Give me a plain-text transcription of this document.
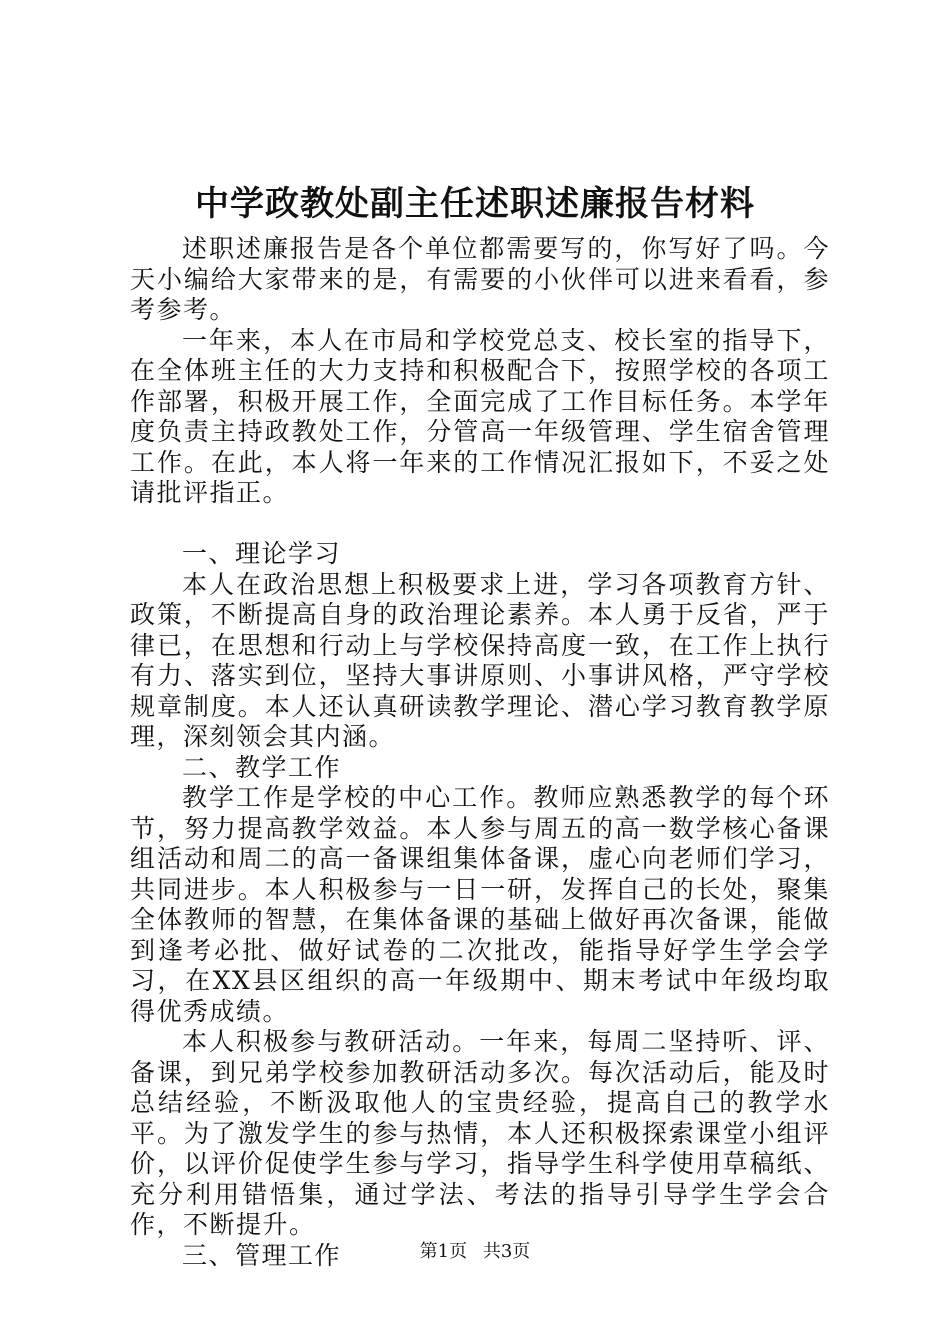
中学政教处副主任述职述廉报告材料

述职述廉报告是各个单位都需要写的，你写好了吗。今天小编给大家带来的是，有需要的小伙伴可以进来看看，参考参考。

一年来，本人在市局和学校党总支、校长室的指导下，在全体班主任的大力支持和积极配合下，按照学校的各项工作部署，积极开展工作，全面完成了工作目标任务。本学年度负责主持政教处工作，分管高一年级管理、学生宿舍管理工作。在此，本人将一年来的工作情况汇报如下，不妥之处请批评指正。

一、理论学习

本人在政治思想上积极要求上进，学习各项教育方针、政策，不断提高自身的政治理论素养。本人勇于反省，严于律已，在思想和行动上与学校保持高度一致，在工作上执行有力、落实到位，坚持大事讲原则、小事讲风格，严守学校规章制度。本人还认真研读教学理论、潜心学习教育教学原理，深刻领会其内涵。

二、教学工作

教学工作是学校的中心工作。教师应熟悉教学的每个环节，努力提高教学效益。本人参与周五的高一数学核心备课组活动和周二的高一备课组集体备课，虚心向老师们学习，共同进步。本人积极参与一日一研，发挥自己的长处，聚集全体教师的智慧，在集体备课的基础上做好再次备课，能做到逢考必批、做好试卷的二次批改，能指导好学生学会学习，在XX县区组织的高一年级期中、期末考试中年级均取得优秀成绩。

本人积极参与教研活动。一年来，每周二坚持听、评、备课，到兄弟学校参加教研活动多次。每次活动后，能及时总结经验，不断汲取他人的宝贵经验，提高自己的教学水平。为了激发学生的参与热情，本人还积极探索课堂小组评价，以评价促使学生参与学习，指导学生科学使用草稿纸、充分利用错悟集，通过学法、考法的指导引导学生学会合作，不断提升。

三、管理工作	第1页 共3页
